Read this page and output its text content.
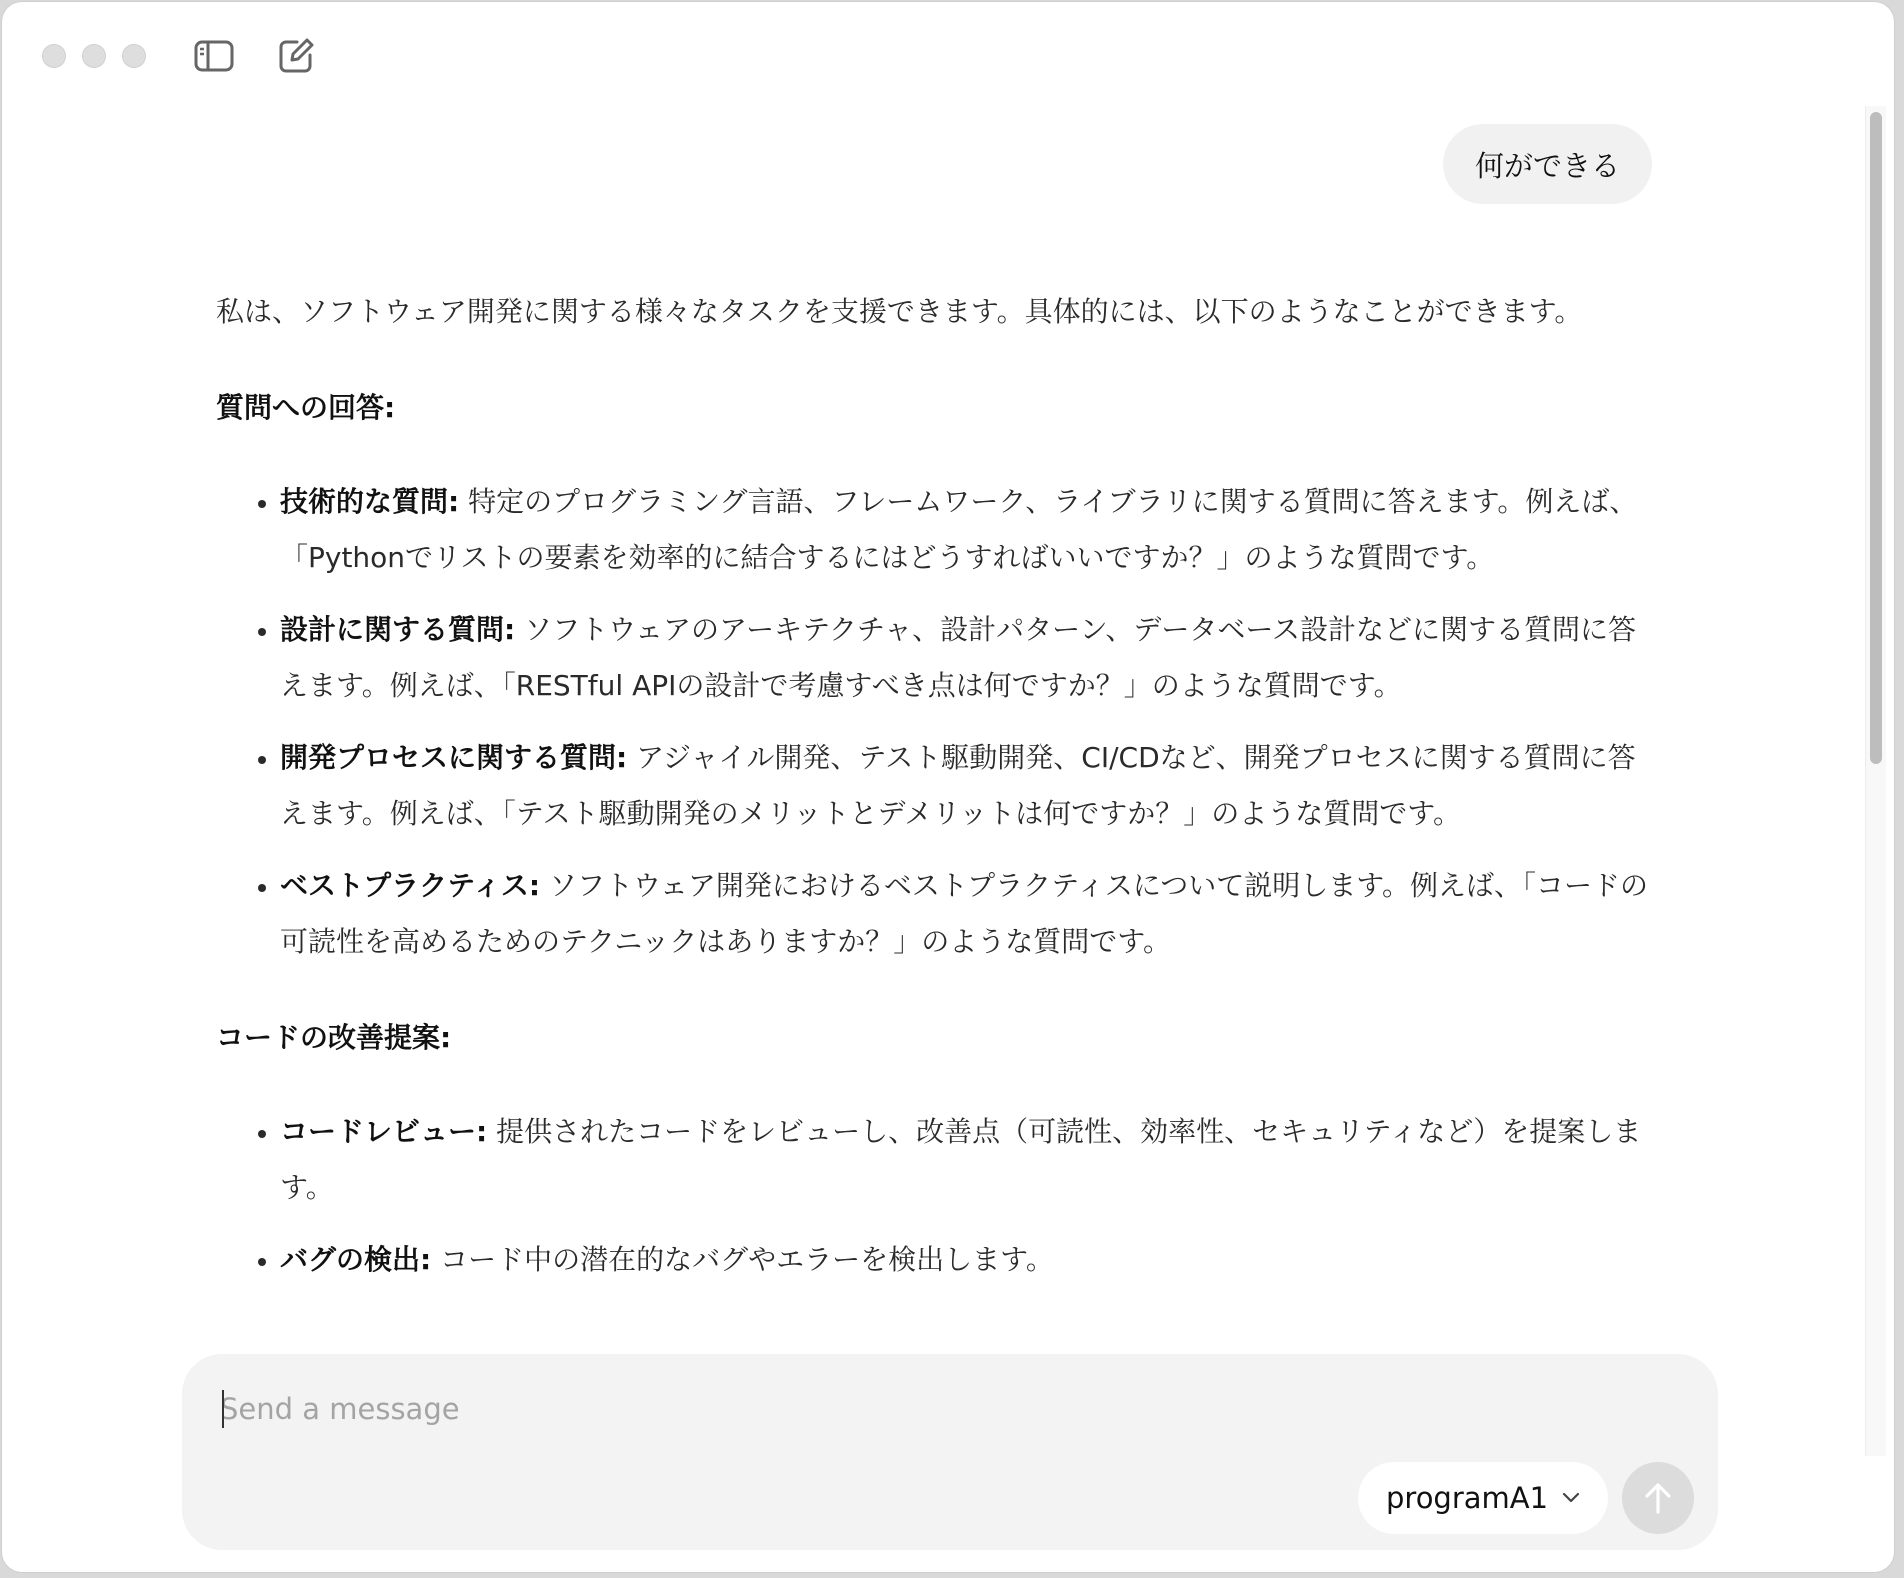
何ができる

私は、ソフトウェア開発に関する様々なタスクを支援できます。具体的には、以下のようなことができます。

質問への回答:

• 技術的な質問: 特定のプログラミング言語、フレームワーク、ライブラリに関する質問に答えます。例えば、「Pythonでリストの要素を効率的に結合するにはどうすればいいですか？」のような質問です。
• 設計に関する質問: ソフトウェアのアーキテクチャ、設計パターン、データベース設計などに関する質問に答えます。例えば、「RESTful APIの設計で考慮すべき点は何ですか？」のような質問です。
• 開発プロセスに関する質問: アジャイル開発、テスト駆動開発、CI/CDなど、開発プロセスに関する質問に答えます。例えば、「テスト駆動開発のメリットとデメリットは何ですか？」のような質問です。
• ベストプラクティス: ソフトウェア開発におけるベストプラクティスについて説明します。例えば、「コードの可読性を高めるためのテクニックはありますか？」のような質問です。

コードの改善提案:

• コードレビュー: 提供されたコードをレビューし、改善点（可読性、効率性、セキュリティなど）を提案します。
• バグの検出: コード中の潜在的なバグやエラーを検出します。
Send a message
programA1
